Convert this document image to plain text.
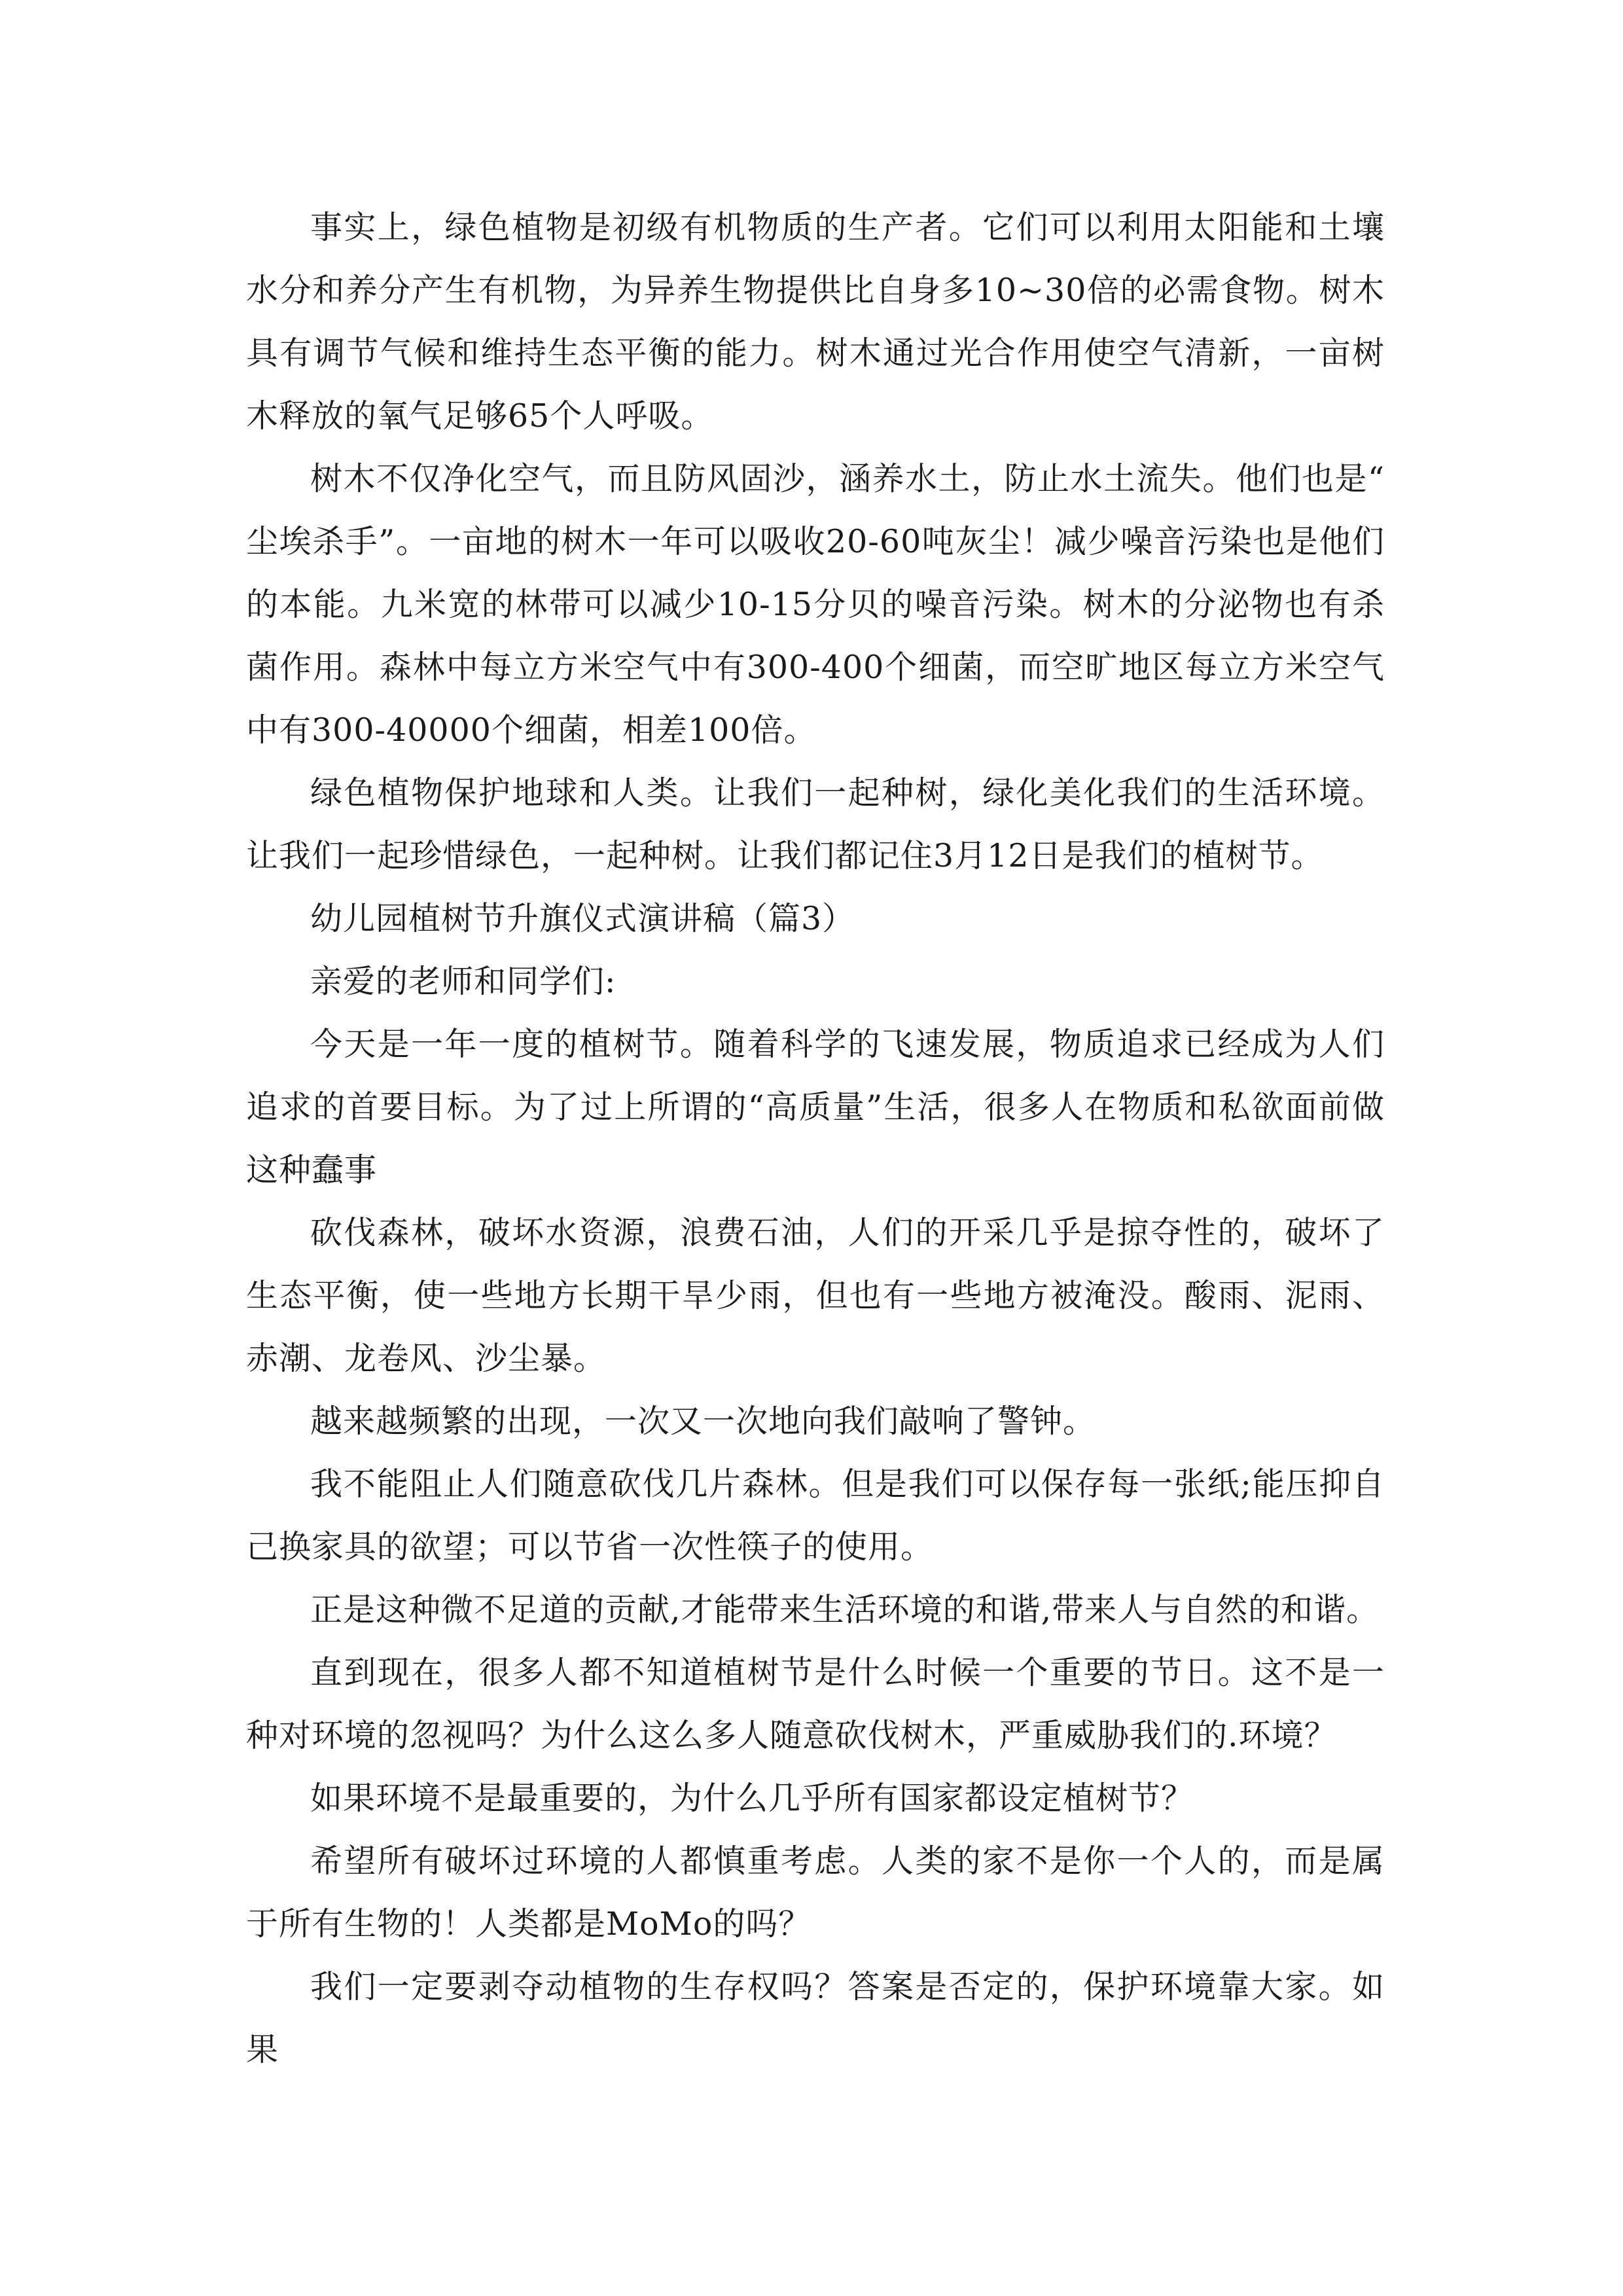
事实上，绿色植物是初级有机物质的生产者。它们可以利用太阳能和土壤水分和养分产生有机物，为异养生物提供比自身多10~30倍的必需食物。树木具有调节气候和维持生态平衡的能力。树木通过光合作用使空气清新，一亩树木释放的氧气足够65个人呼吸。

树木不仅净化空气，而且防风固沙，涵养水土，防止水土流失。他们也是“尘埃杀手”。一亩地的树木一年可以吸收20-60吨灰尘！减少噪音污染也是他们的本能。九米宽的林带可以减少10-15分贝的噪音污染。树木的分泌物也有杀菌作用。森林中每立方米空气中有300-400个细菌，而空旷地区每立方米空气中有300-40000个细菌，相差100倍。

绿色植物保护地球和人类。让我们一起种树，绿化美化我们的生活环境。让我们一起珍惜绿色，一起种树。让我们都记住3月12日是我们的植树节。

幼儿园植树节升旗仪式演讲稿（篇3）

亲爱的老师和同学们:

今天是一年一度的植树节。随着科学的飞速发展，物质追求已经成为人们追求的首要目标。为了过上所谓的“高质量”生活，很多人在物质和私欲面前做这种蠢事

砍伐森林，破坏水资源，浪费石油，人们的开采几乎是掠夺性的，破坏了生态平衡，使一些地方长期干旱少雨，但也有一些地方被淹没。酸雨、泥雨、赤潮、龙卷风、沙尘暴。

越来越频繁的出现，一次又一次地向我们敲响了警钟。

我不能阻止人们随意砍伐几片森林。但是我们可以保存每一张纸;能压抑自己换家具的欲望；可以节省一次性筷子的使用。

正是这种微不足道的贡献,才能带来生活环境的和谐,带来人与自然的和谐。

直到现在，很多人都不知道植树节是什么时候一个重要的节日。这不是一种对环境的忽视吗？为什么这么多人随意砍伐树木，严重威胁我们的.环境？

如果环境不是最重要的，为什么几乎所有国家都设定植树节？

希望所有破坏过环境的人都慎重考虑。人类的家不是你一个人的，而是属于所有生物的！人类都是MoMo的吗？

我们一定要剥夺动植物的生存权吗？答案是否定的，保护环境靠大家。如果
